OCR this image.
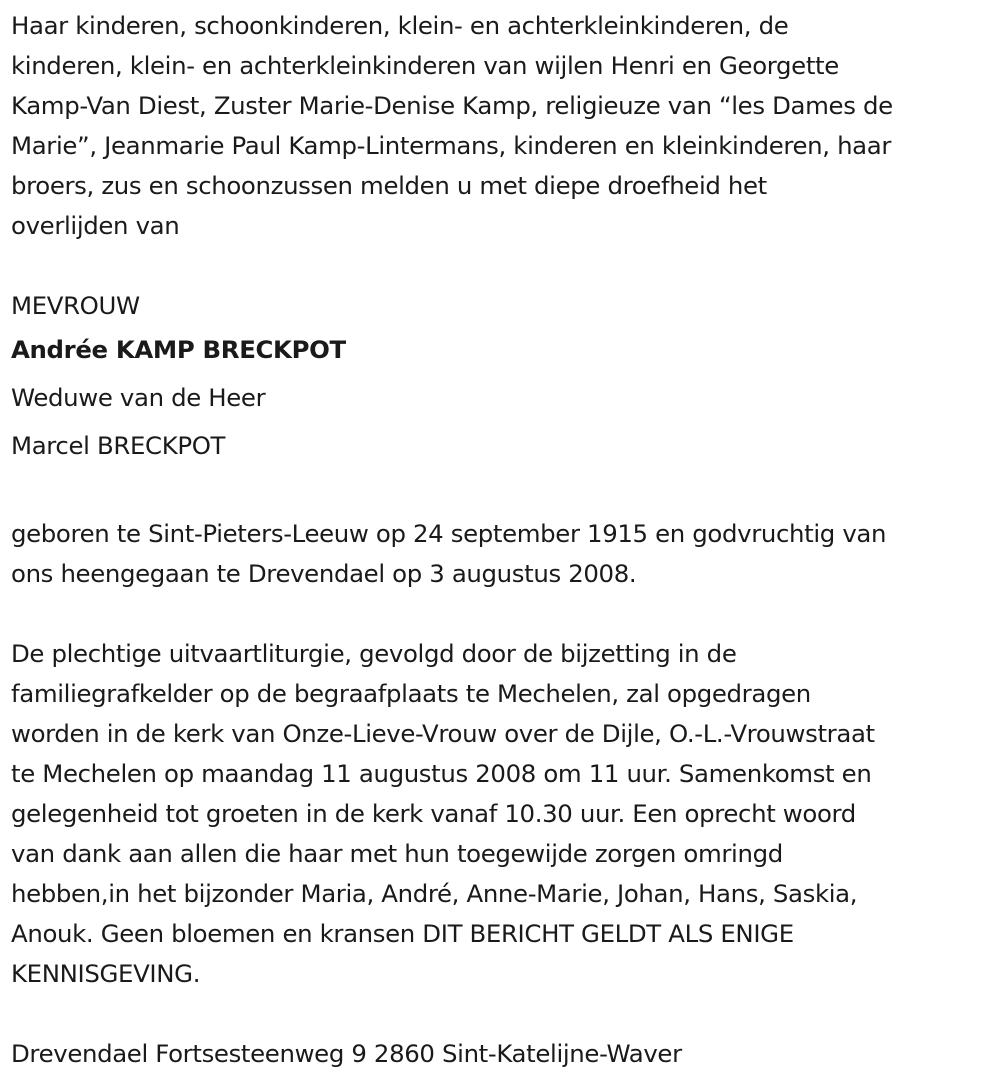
Haar kinderen, schoonkinderen, klein- en achterkleinkinderen, de
kinderen, klein- en achterkleinkinderen van wijlen Henri en Georgette
Kamp-Van Diest, Zuster Marie-Denise Kamp, religieuze van “les Dames de
Marie”, Jeanmarie Paul Kamp-Lintermans, kinderen en kleinkinderen, haar
broers, zus en schoonzussen melden u met diepe droefheid het
overlijden van

MEVROUW
Andrée KAMP BRECKPOT
Weduwe van de Heer
Marcel BRECKPOT

geboren te Sint-Pieters-Leeuw op 24 september 1915 en godvruchtig van
ons heengegaan te Drevendael op 3 augustus 2008.

De plechtige uitvaartliturgie, gevolgd door de bijzetting in de
familiegrafkelder op de begraafplaats te Mechelen, zal opgedragen
worden in de kerk van Onze-Lieve-Vrouw over de Dijle, O.-L.-Vrouwstraat
te Mechelen op maandag 11 augustus 2008 om 11 uur. Samenkomst en
gelegenheid tot groeten in de kerk vanaf 10.30 uur. Een oprecht woord
van dank aan allen die haar met hun toegewijde zorgen omringd
hebben,in het bijzonder Maria, André, Anne-Marie, Johan, Hans, Saskia,
Anouk. Geen bloemen en kransen DIT BERICHT GELDT ALS ENIGE
KENNISGEVING.

Drevendael Fortsesteenweg 9 2860 Sint-Katelijne-Waver
